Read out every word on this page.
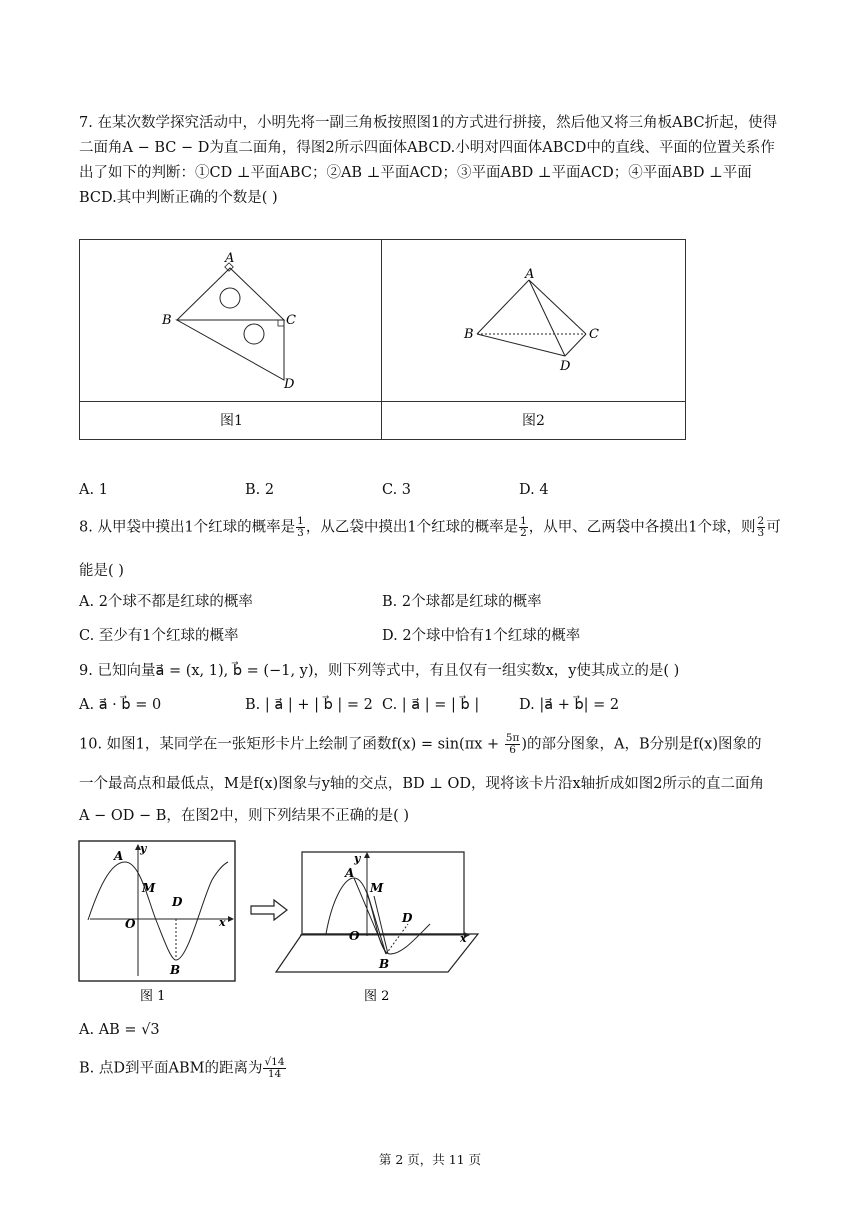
7. 在某次数学探究活动中，小明先将一副三角板按照图1的方式进行拼接，然后他又将三角板ABC折起，使得二面角A − BC − D为直二面角，得图2所示四面体ABCD.小明对四面体ABCD中的直线、平面的位置关系作出了如下的判断：①CD ⊥平面ABC；②AB ⊥平面ACD；③平面ABD ⊥平面ACD；④平面ABD ⊥平面BCD.其中判断正确的个数是( )
A
B	C
D
A
B	C
D
图1	图2
A. 1	B. 2	C. 3	D. 4
8. 从甲袋中摸出1个红球的概率是 $\frac{1}{3}$ ，从乙袋中摸出1个红球的概率是 $\frac{1}{2}$ ，从甲、乙两袋中各摸出1个球，则 $\frac{2}{3}$ 可
能是( )
A. 2个球不都是红球的概率	B. 2个球都是红球的概率
C. 至少有1个红球的概率	D. 2个球中恰有1个红球的概率
9. 已知向量a⃗ = (x, 1), b⃗ = (−1, y)，则下列等式中，有且仅有一组实数x，y使其成立的是( )
A. a⃗ · b⃗ = 0	B. | a⃗ | + | b⃗ | = 2 C. | a⃗ | = | b⃗ |	D. |a⃗ + b⃗| = 2
10. 如图1，某同学在一张矩形卡片上绘制了函数$f(x) = \sin(\pi x + \frac{5\pi}{6}$ )的部分图象，A，B分别是f(x)图象的
一个最高点和最低点，M是f(x)图象与y轴的交点，BD ⊥ OD，现将该卡片沿x轴折成如图2所示的直二面角
A − OD − B，在图2中，则下列结果不正确的是( )
A
y
M
D
O	x
B
图 1
A
y
M
D
O	x
B
图 2
A. AB = √3
B. 点D到平面ABM的距离为 $\frac{√14}{14}$
第 2 页，共 11 页
